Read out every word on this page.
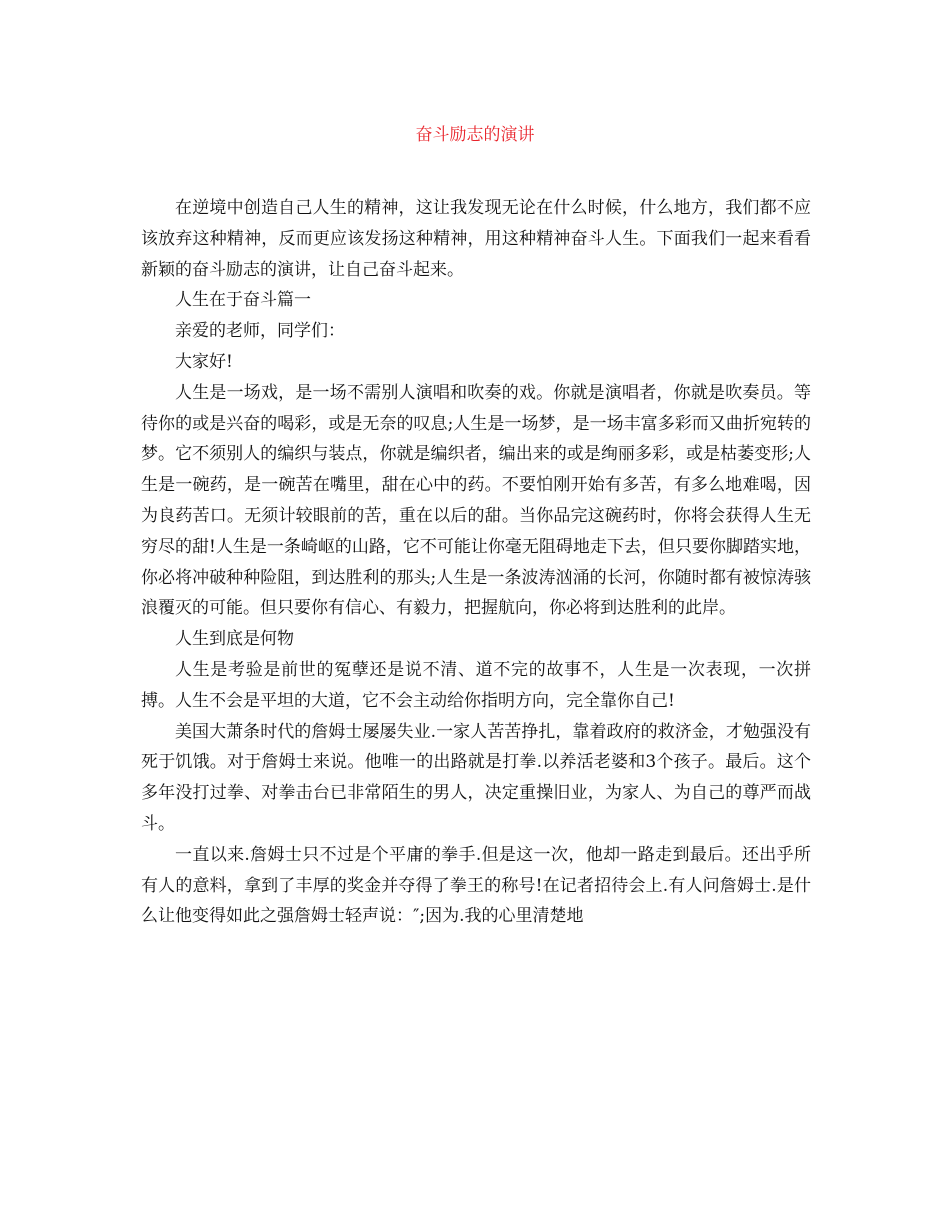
奋斗励志的演讲

在逆境中创造自己人生的精神，这让我发现无论在什么时候，什么地方，我们都不应该放弃这种精神，反而更应该发扬这种精神，用这种精神奋斗人生。下面我们一起来看看新颖的奋斗励志的演讲，让自己奋斗起来。

人生在于奋斗篇一

亲爱的老师，同学们：

大家好!

人生是一场戏，是一场不需别人演唱和吹奏的戏。你就是演唱者，你就是吹奏员。等待你的或是兴奋的喝彩，或是无奈的叹息;人生是一场梦，是一场丰富多彩而又曲折宛转的梦。它不须别人的编织与装点，你就是编织者，编出来的或是绚丽多彩，或是枯萎变形;人生是一碗药，是一碗苦在嘴里，甜在心中的药。不要怕刚开始有多苦，有多么地难喝，因为良药苦口。无须计较眼前的苦，重在以后的甜。当你品完这碗药时，你将会获得人生无穷尽的甜!人生是一条崎岖的山路，它不可能让你毫无阻碍地走下去，但只要你脚踏实地，你必将冲破种种险阻，到达胜利的那头;人生是一条波涛汹涌的长河，你随时都有被惊涛骇浪覆灭的可能。但只要你有信心、有毅力，把握航向，你必将到达胜利的此岸。

人生到底是何物

人生是考验是前世的冤孽还是说不清、道不完的故事不，人生是一次表现，一次拼搏。人生不会是平坦的大道，它不会主动给你指明方向，完全靠你自己!

美国大萧条时代的詹姆士屡屡失业.一家人苦苦挣扎，靠着政府的救济金，才勉强没有死于饥饿。对于詹姆士来说。他唯一的出路就是打拳.以养活老婆和3个孩子。最后。这个多年没打过拳、对拳击台已非常陌生的男人，决定重操旧业，为家人、为自己的尊严而战斗。

一直以来.詹姆士只不过是个平庸的拳手.但是这一次，他却一路走到最后。还出乎所有人的意料，拿到了丰厚的奖金并夺得了拳王的称号!在记者招待会上.有人问詹姆士.是什么让他变得如此之强詹姆士轻声说：″;因为.我的心里清楚地
